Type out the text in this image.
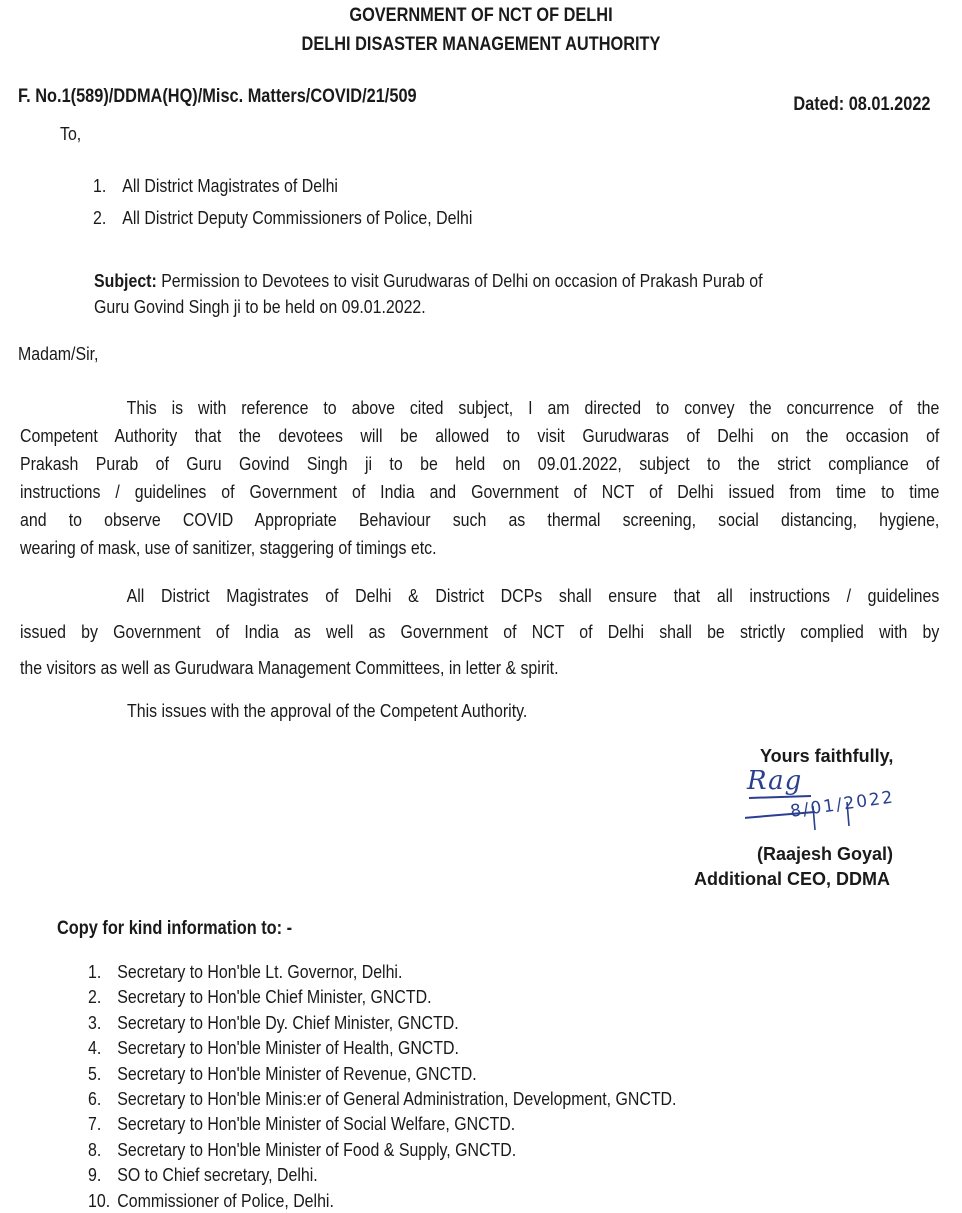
GOVERNMENT OF NCT OF DELHI
DELHI DISASTER MANAGEMENT AUTHORITY
F. No.1(589)/DDMA(HQ)/Misc. Matters/COVID/21/509	Dated: 08.01.2022
To,
1. All District Magistrates of Delhi
2. All District Deputy Commissioners of Police, Delhi
Subject: Permission to Devotees to visit Gurudwaras of Delhi on occasion of Prakash Purab of
Guru Govind Singh ji to be held on 09.01.2022.
Madam/Sir,
This is with reference to above cited subject, I am directed to convey the concurrence of the
Competent Authority that the devotees will be allowed to visit Gurudwaras of Delhi on the occasion of
Prakash Purab of Guru Govind Singh ji to be held on 09.01.2022, subject to the strict compliance of
instructions / guidelines of Government of India and Government of NCT of Delhi issued from time to time
and to observe COVID Appropriate Behaviour such as thermal screening, social distancing, hygiene,
wearing of mask, use of sanitizer, staggering of timings etc.
All District Magistrates of Delhi & District DCPs shall ensure that all instructions / guidelines
issued by Government of India as well as Government of NCT of Delhi shall be strictly complied with by
the visitors as well as Gurudwara Management Committees, in letter & spirit.
This issues with the approval of the Competent Authority.
Yours faithfully,
Rag
8/01/2022
(Raajesh Goyal)
Additional CEO, DDMA
Copy for kind information to: -
1. Secretary to Hon'ble Lt. Governor, Delhi.
2. Secretary to Hon'ble Chief Minister, GNCTD.
3. Secretary to Hon'ble Dy. Chief Minister, GNCTD.
4. Secretary to Hon'ble Minister of Health, GNCTD.
5. Secretary to Hon'ble Minister of Revenue, GNCTD.
6. Secretary to Hon'ble Minis:er of General Administration, Development, GNCTD.
7. Secretary to Hon'ble Minister of Social Welfare, GNCTD.
8. Secretary to Hon'ble Minister of Food & Supply, GNCTD.
9. SO to Chief secretary, Delhi.
10. Commissioner of Police, Delhi.
